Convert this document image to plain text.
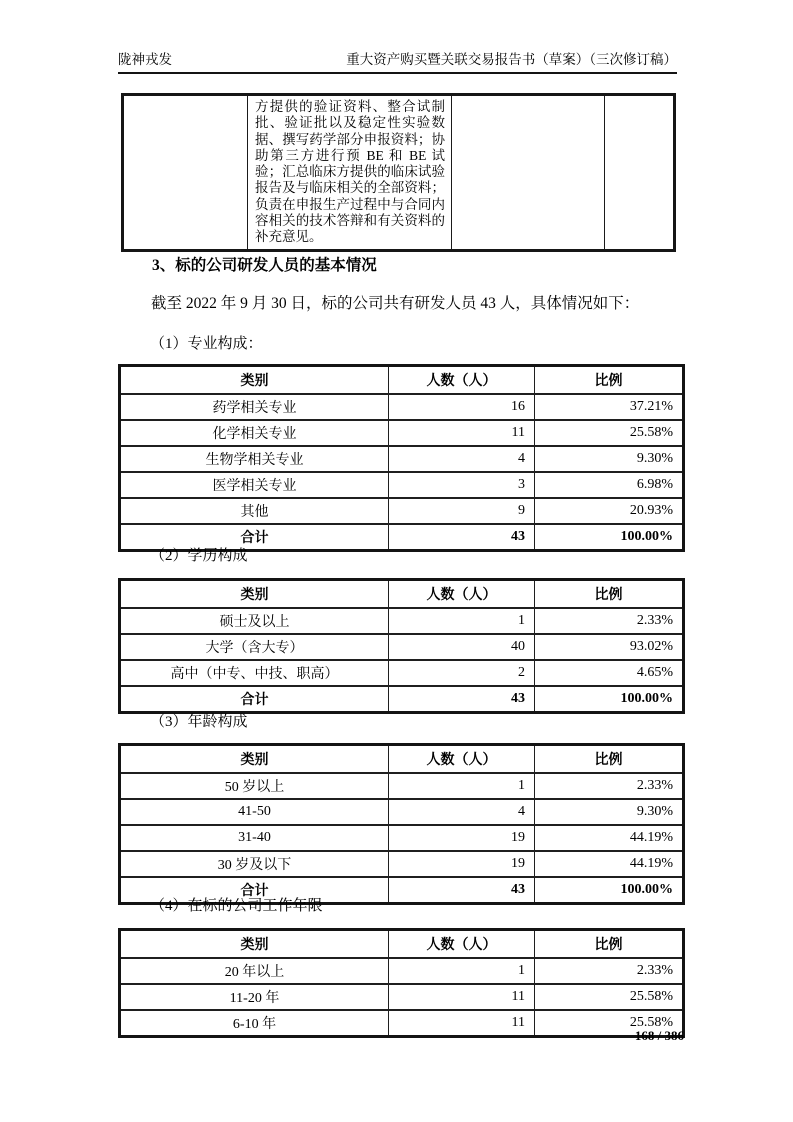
陇神戎发	重大资产购买暨关联交易报告书（草案）（三次修订稿）
	方提供的验证资料、整合试制批、验证批以及稳定性实验数据、撰写药学部分申报资料；协助第三方进行预 BE 和 BE 试验；汇总临床方提供的临床试验报告及与临床相关的全部资料；负责在申报生产过程中与合同内容相关的技术答辩和有关资料的补充意见。		
3、标的公司研发人员的基本情况
截至 2022 年 9 月 30 日，标的公司共有研发人员 43 人，具体情况如下：
（1）专业构成：
类别	人数（人）	比例
药学相关专业	16	37.21%
化学相关专业	11	25.58%
生物学相关专业	4	9.30%
医学相关专业	3	6.98%
其他	9	20.93%
合计	43	100.00%
（2）学历构成
类别	人数（人）	比例
硕士及以上	1	2.33%
大学（含大专）	40	93.02%
高中（中专、中技、职高）	2	4.65%
合计	43	100.00%
（3）年龄构成
类别	人数（人）	比例
50 岁以上	1	2.33%
41-50	4	9.30%
31-40	19	44.19%
30 岁及以下	19	44.19%
合计	43	100.00%
（4）在标的公司工作年限
类别	人数（人）	比例
20 年以上	1	2.33%
11-20 年	11	25.58%
6-10 年	11	25.58%
168 / 386
